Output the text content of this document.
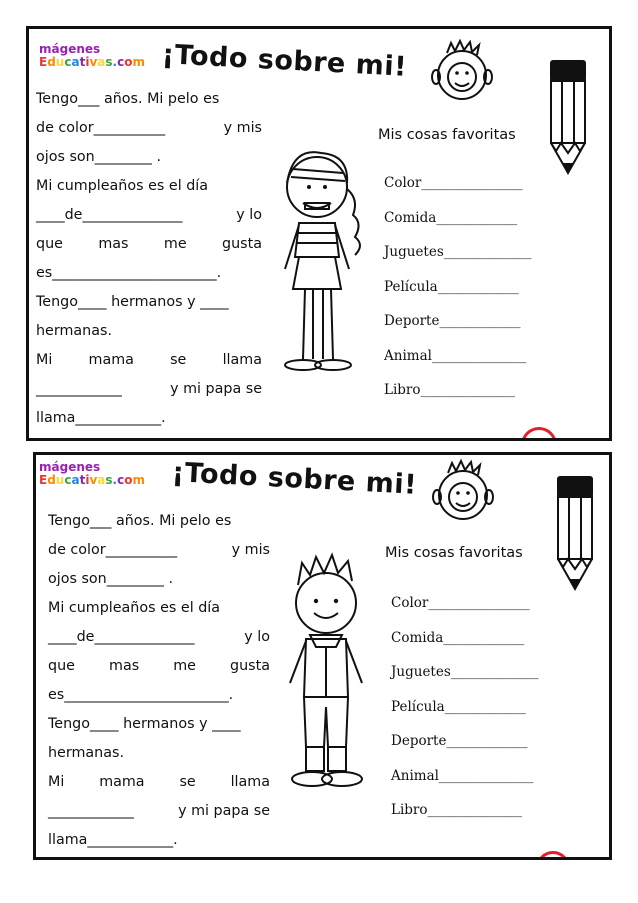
mágenes
Educativas.com ¡Todo sobre mi!
Tengo___ años. Mi pelo es
de color__________	y mis
ojos son________ .
Mi cumpleaños es el día
____de______________	y lo
que mas me gusta
es_______________________.
Tengo____ hermanos y ____
hermanas.
Mi	mama	se	llama
____________	y mi papa se
llama____________.
Mis cosas favoritas
Color_______________
Comida____________
Juguetes_____________
Película____________
Deporte____________
Animal______________
Libro______________
mágenes
Educativas.com ¡Todo sobre mi!
Tengo___ años. Mi pelo es
de color__________	y mis
ojos son________ .
Mi cumpleaños es el día
____de______________	y lo
que mas me gusta
es_______________________.
Tengo____ hermanos y ____
hermanas.
Mi mama se llama
____________	y mi papa se
llama____________.
Mis cosas favoritas
Color_______________
Comida____________
Juguetes_____________
Película____________
Deporte____________
Animal______________
Libro______________
